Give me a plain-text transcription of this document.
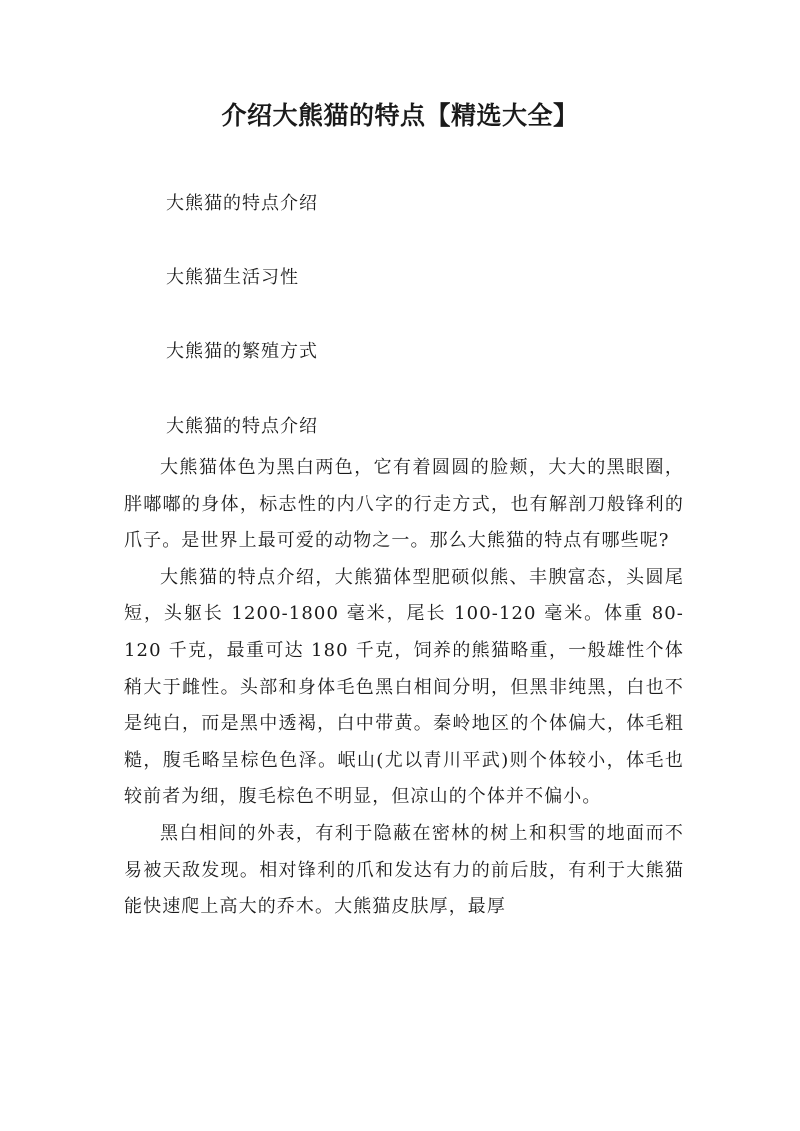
介绍大熊猫的特点【精选大全】
大熊猫的特点介绍
大熊猫生活习性
大熊猫的繁殖方式
大熊猫的特点介绍

大熊猫体色为黑白两色，它有着圆圆的脸颊，大大的黑眼圈，胖嘟嘟的身体，标志性的内八字的行走方式，也有解剖刀般锋利的爪子。是世界上最可爱的动物之一。那么大熊猫的特点有哪些呢?

大熊猫的特点介绍，大熊猫体型肥硕似熊、丰腴富态，头圆尾短，头躯长 1200-1800 毫米，尾长 100-120 毫米。体重 80-120 千克，最重可达 180 千克，饲养的熊猫略重，一般雄性个体稍大于雌性。头部和身体毛色黑白相间分明，但黑非纯黑，白也不是纯白，而是黑中透褐，白中带黄。秦岭地区的个体偏大，体毛粗糙，腹毛略呈棕色色泽。岷山(尤以青川平武)则个体较小，体毛也较前者为细，腹毛棕色不明显，但凉山的个体并不偏小。

黑白相间的外表，有利于隐蔽在密林的树上和积雪的地面而不易被天敌发现。相对锋利的爪和发达有力的前后肢，有利于大熊猫能快速爬上高大的乔木。大熊猫皮肤厚，最厚
